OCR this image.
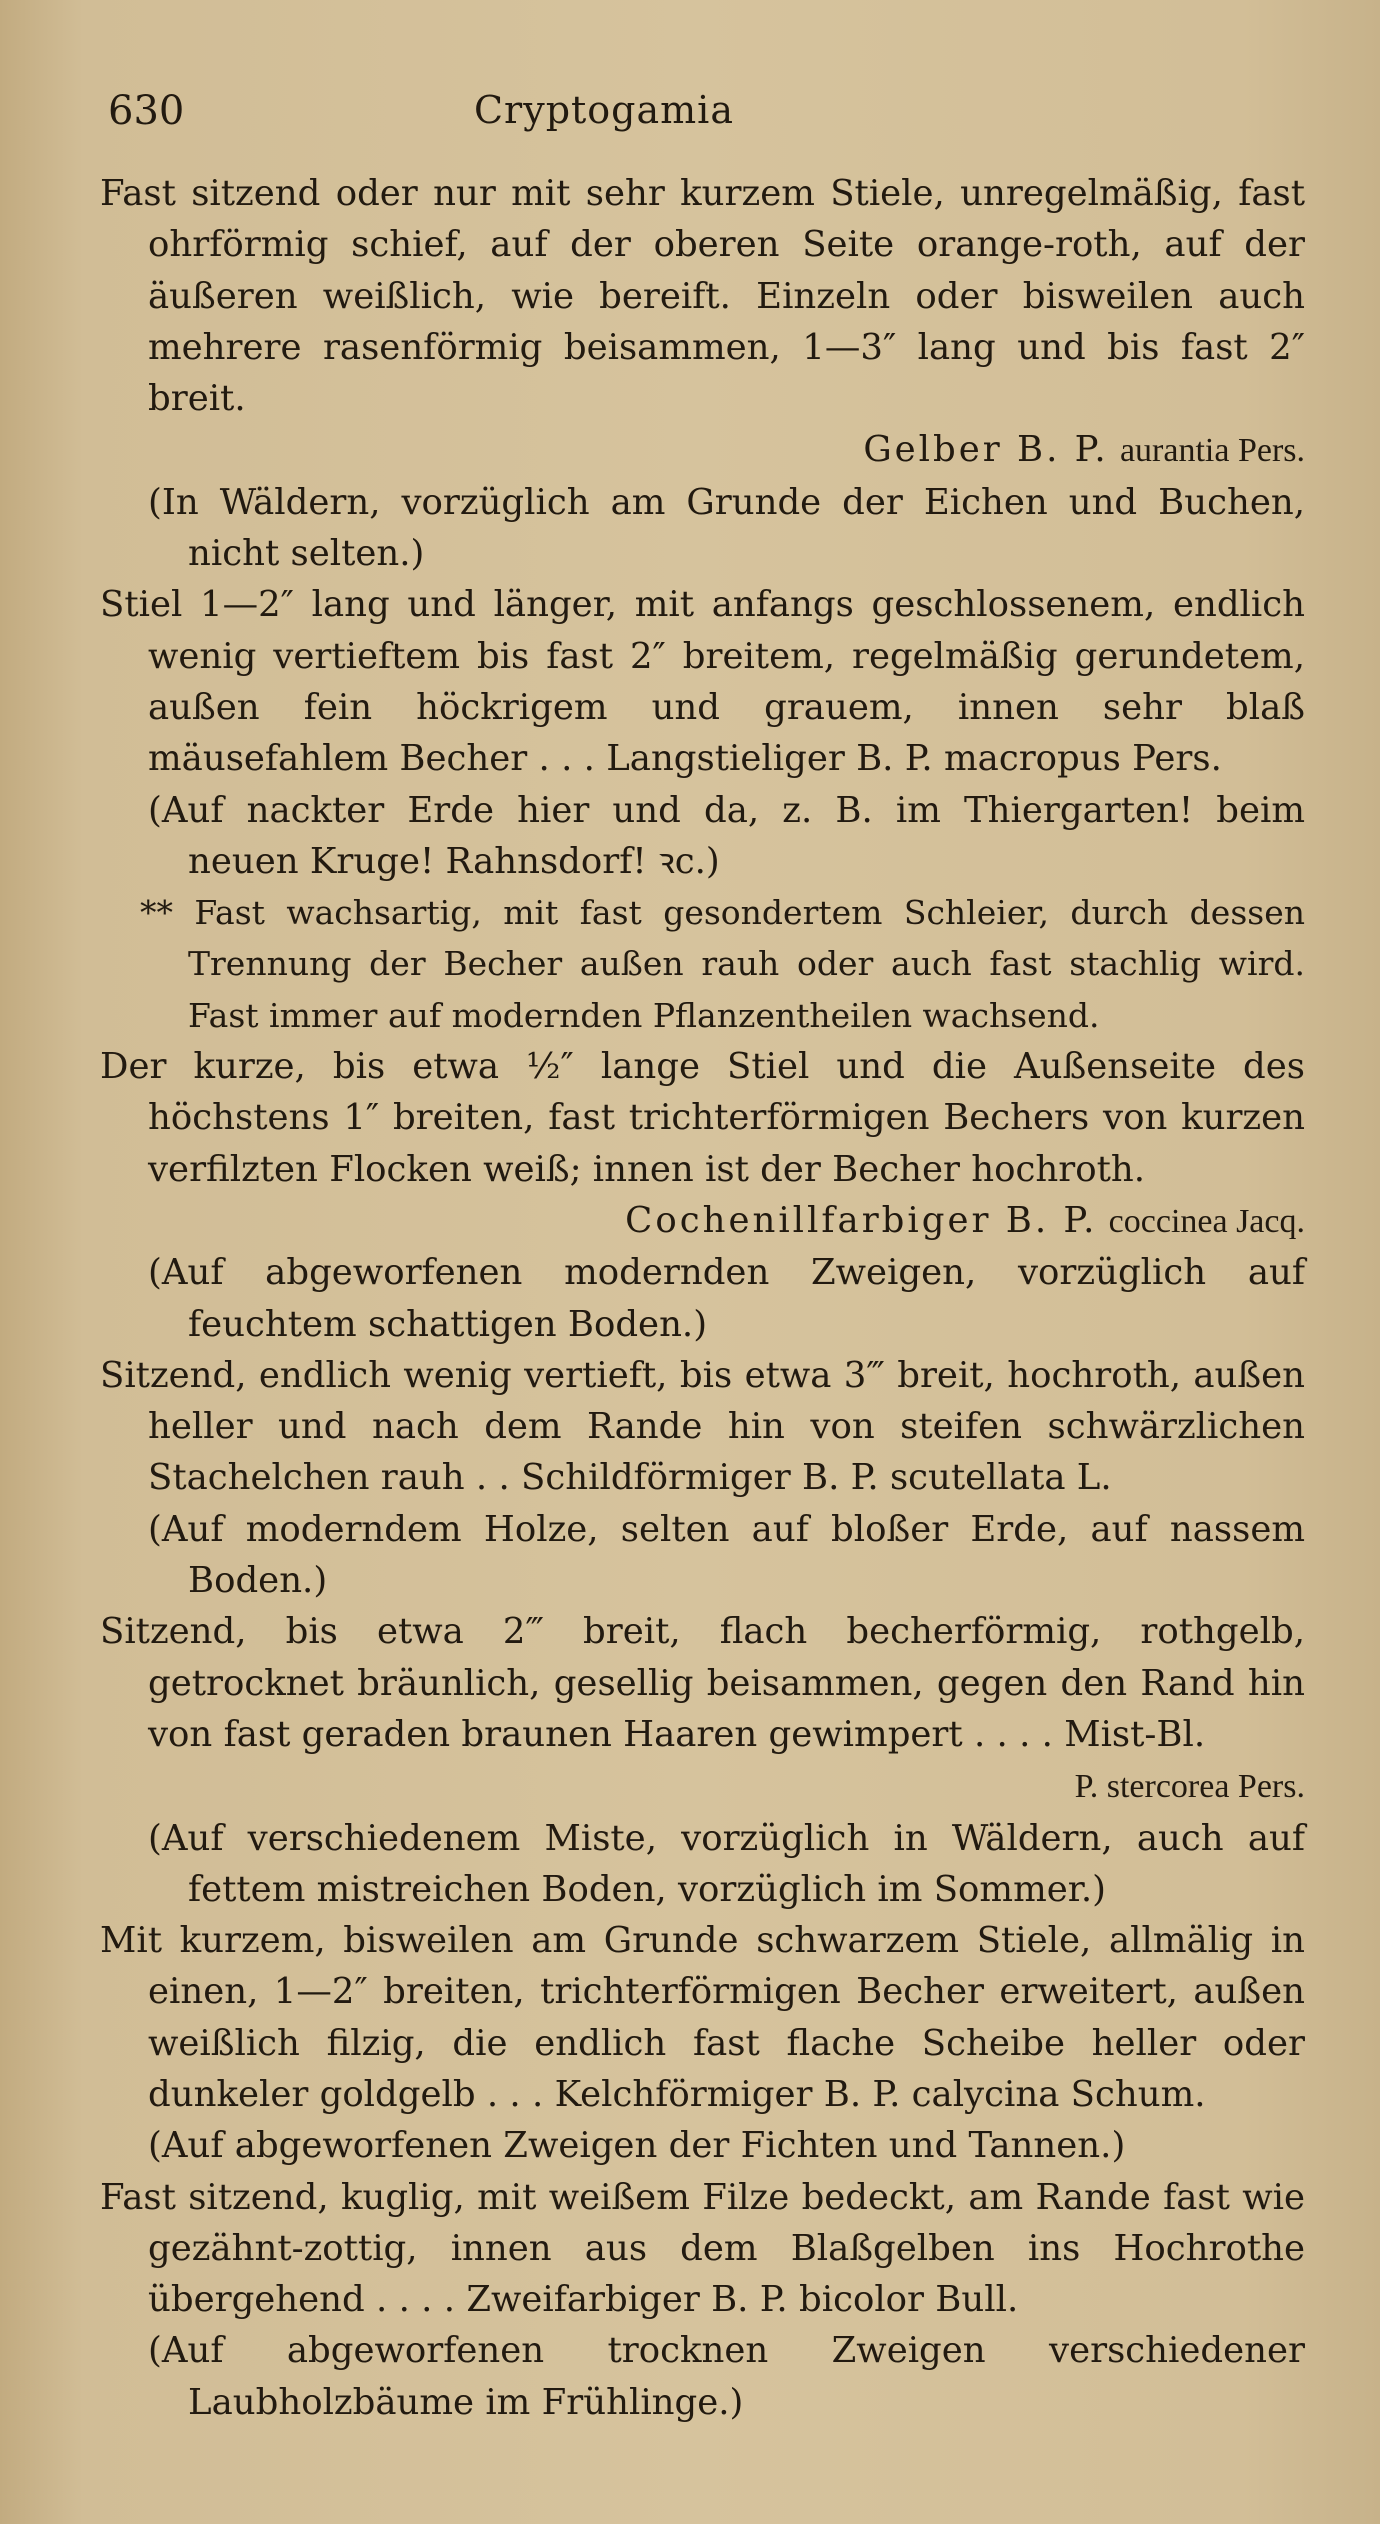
630	Cryptogamia

Fast sitzend oder nur mit sehr kurzem Stiele, unregelmäßig, fast ohrförmig schief, auf der oberen Seite orange-roth, auf der äußeren weißlich, wie bereift. Einzeln oder bisweilen auch mehrere rasenförmig beisammen, 1—3″ lang und bis fast 2″ breit.

Gelber B. P. aurantia Pers.

(In Wäldern, vorzüglich am Grunde der Eichen und Buchen, nicht selten.)

Stiel 1—2″ lang und länger, mit anfangs geschlossenem, endlich wenig vertieftem bis fast 2″ breitem, regelmäßig gerundetem, außen fein höckrigem und grauem, innen sehr blaß mäusefahlem Becher . . . Langstieliger B. P. macropus Pers.

(Auf nackter Erde hier und da, z. B. im Thiergarten! beim neuen Kruge! Rahnsdorf! ꝛc.)

** Fast wachsartig, mit fast gesondertem Schleier, durch dessen Trennung der Becher außen rauh oder auch fast stachlig wird. Fast immer auf modernden Pflanzentheilen wachsend.

Der kurze, bis etwa ½″ lange Stiel und die Außenseite des höchstens 1″ breiten, fast trichterförmigen Bechers von kurzen verfilzten Flocken weiß; innen ist der Becher hochroth.

Cochenillfarbiger B. P. coccinea Jacq.

(Auf abgeworfenen modernden Zweigen, vorzüglich auf feuchtem schattigen Boden.)

Sitzend, endlich wenig vertieft, bis etwa 3‴ breit, hochroth, außen heller und nach dem Rande hin von steifen schwärzlichen Stachelchen rauh . . Schildförmiger B. P. scutellata L.

(Auf moderndem Holze, selten auf bloßer Erde, auf nassem Boden.)

Sitzend, bis etwa 2‴ breit, flach becherförmig, rothgelb, getrocknet bräunlich, gesellig beisammen, gegen den Rand hin von fast geraden braunen Haaren gewimpert . . . . Mist-Bl.

P. stercorea Pers.

(Auf verschiedenem Miste, vorzüglich in Wäldern, auch auf fettem mistreichen Boden, vorzüglich im Sommer.)

Mit kurzem, bisweilen am Grunde schwarzem Stiele, allmälig in einen, 1—2″ breiten, trichterförmigen Becher erweitert, außen weißlich filzig, die endlich fast flache Scheibe heller oder dunkeler goldgelb . . . Kelchförmiger B. P. calycina Schum.

(Auf abgeworfenen Zweigen der Fichten und Tannen.)

Fast sitzend, kuglig, mit weißem Filze bedeckt, am Rande fast wie gezähnt-zottig, innen aus dem Blaßgelben ins Hochrothe übergehend . . . . Zweifarbiger B. P. bicolor Bull.

(Auf abgeworfenen trocknen Zweigen verschiedener Laubholzbäume im Frühlinge.)
